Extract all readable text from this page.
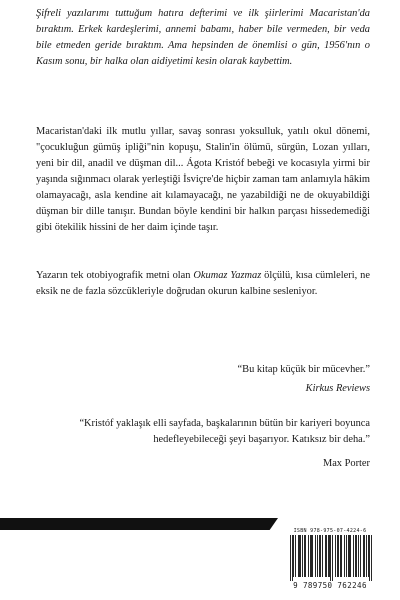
Şifreli yazılarımı tuttuğum hatıra defterimi ve ilk şiirlerimi Macaristan'da bıraktım. Erkek kardeşlerimi, annemi babamı, haber bile vermeden, bir veda bile etmeden geride bıraktım. Ama hepsinden de önemlisi o gün, 1956'nın o Kasım sonu, bir halka olan aidiyetimi kesin olarak kaybettim.

Macaristan'daki ilk mutlu yıllar, savaş sonrası yoksulluk, yatılı okul dönemi, "çocukluğun gümüş ipliği"nin kopuşu, Stalin'in ölümü, sürgün, Lozan yılları, yeni bir dil, anadil ve düşman dil... Ágota Kristóf bebeği ve kocasıyla yirmi bir yaşında sığınmacı olarak yerleştiği İsviçre'de hiçbir zaman tam anlamıyla hâkim olamayacağı, asla kendine ait kılamayacağı, ne yazabildiği ne de okuyabildiği düşman bir dille tanışır. Bundan böyle kendini bir halkın parçası hissedemediği gibi ötekilik hissini de her daim içinde taşır.

Yazarın tek otobiyografik metni olan Okumaz Yazmaz ölçülü, kısa cümleleri, ne eksik ne de fazla sözcükleriyle doğrudan okurun kalbine sesleniyor.

“Bu kitap küçük bir mücevher.”

Kirkus Reviews

“Kristóf yaklaşık elli sayfada, başkalarının bütün bir kariyeri boyunca hedefleyebileceği şeyi başarıyor. Katıksız bir deha.”

Max Porter

ISBN 978-975-07-4224-6
9 789750 762246
